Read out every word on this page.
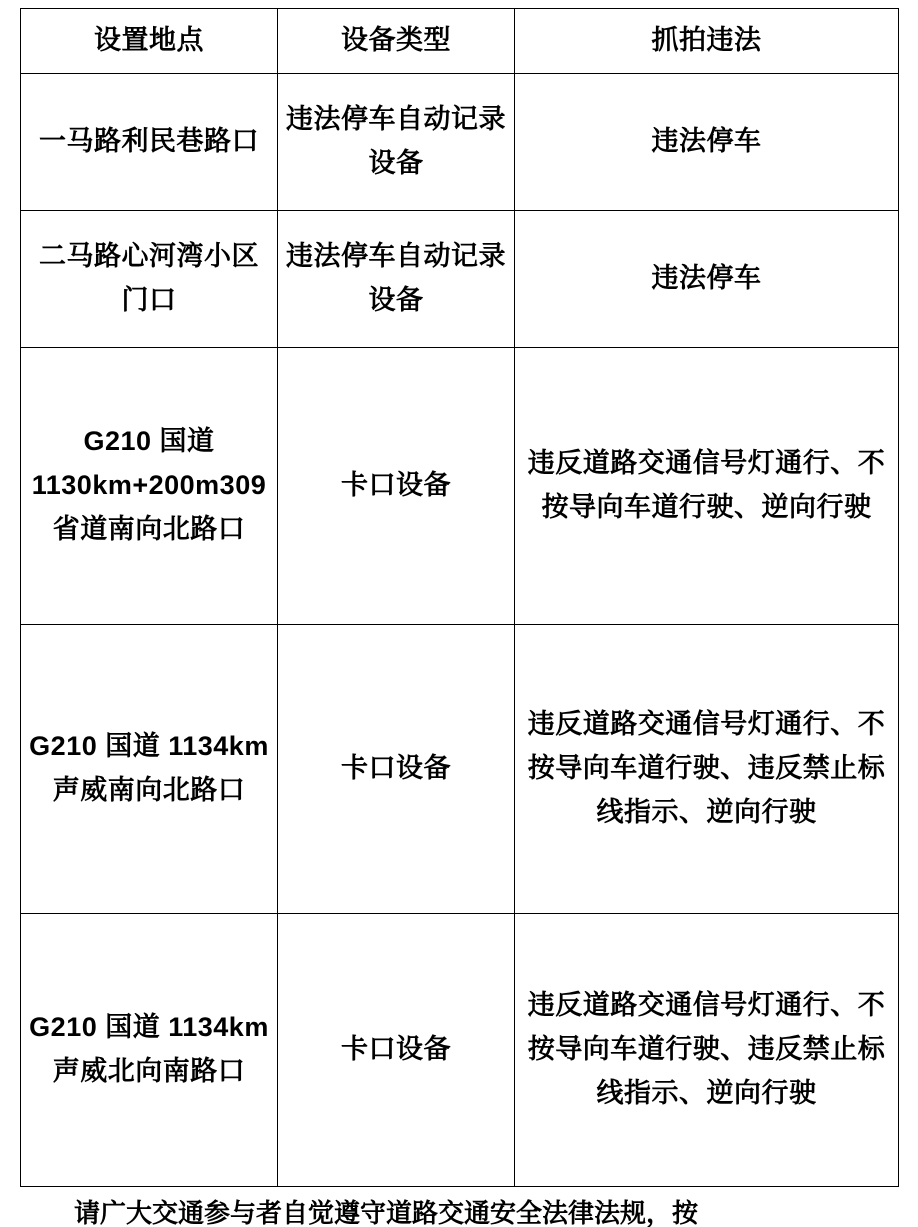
设置地点	设备类型	抓拍违法
一马路利民巷路口	违法停车自动记录设备	违法停车
二马路心河湾小区门口	违法停车自动记录设备	违法停车
G210 国道 1130km+200m309 省道南向北路口	卡口设备	违反道路交通信号灯通行、不按导向车道行驶、逆向行驶
G210 国道 1134km 声威南向北路口	卡口设备	违反道路交通信号灯通行、不按导向车道行驶、违反禁止标线指示、逆向行驶
G210 国道 1134km 声威北向南路口	卡口设备	违反道路交通信号灯通行、不按导向车道行驶、违反禁止标线指示、逆向行驶
请广大交通参与者自觉遵守道路交通安全法律法规，按
